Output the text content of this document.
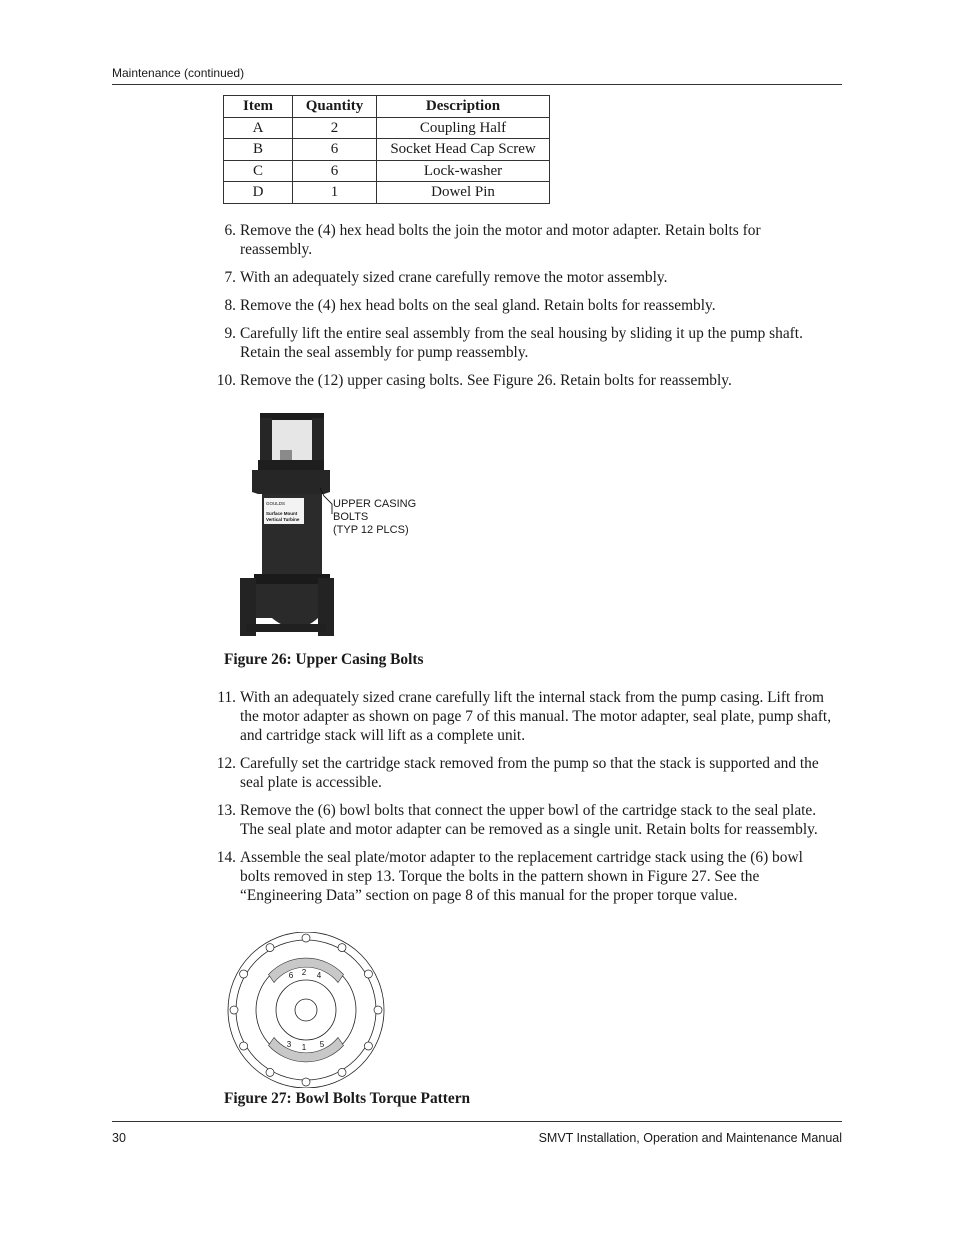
Maintenance (continued)
Item	Quantity	Description
A	2	Coupling Half
B	6	Socket Head Cap Screw
C	6	Lock-washer
D	1	Dowel Pin
6. Remove the (4) hex head bolts the join the motor and motor adapter. Retain bolts for reassembly.
7. With an adequately sized crane carefully remove the motor assembly.
8. Remove the (4) hex head bolts on the seal gland. Retain bolts for reassembly.
9. Carefully lift the entire seal assembly from the seal housing by sliding it up the pump shaft. Retain the seal assembly for pump reassembly.
10. Remove the (12) upper casing bolts. See Figure 26. Retain bolts for reassembly.
GOULDS
Surface Mount
Vertical Turbine
UPPER CASING
BOLTS
(TYP 12 PLCS)
Figure 26: Upper Casing Bolts
11. With an adequately sized crane carefully lift the internal stack from the pump casing. Lift from the motor adapter as shown on page 7 of this manual. The motor adapter, seal plate, pump shaft, and cartridge stack will lift as a complete unit.
12. Carefully set the cartridge stack removed from the pump so that the stack is supported and the seal plate is accessible.
13. Remove the (6) bowl bolts that connect the upper bowl of the cartridge stack to the seal plate. The seal plate and motor adapter can be removed as a single unit. Retain bolts for reassembly.
14. Assemble the seal plate/motor adapter to the replacement cartridge stack using the (6) bowl bolts removed in step 13. Torque the bolts in the pattern shown in Figure 27. See the “Engineering Data” section on page 8 of this manual for the proper torque value.
6 2 4
3 1 5
Figure 27: Bowl Bolts Torque Pattern
30	SMVT Installation, Operation and Maintenance Manual
